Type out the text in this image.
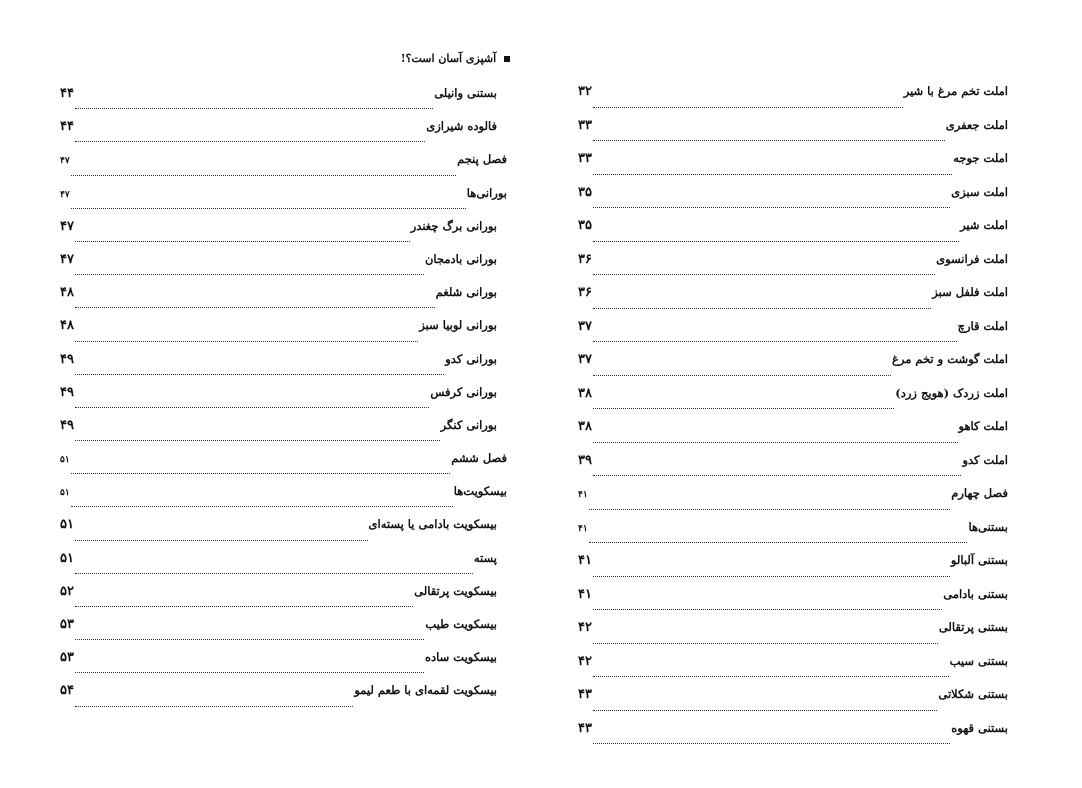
آشپزی آسان است؟!
املت تخم مرغ با شیر
۳۲
املت جعفری
۳۳
املت جوجه
۳۳
املت سبزی
۳۵
املت شیر
۳۵
املت فرانسوی
۳۶
املت فلفل سبز
۳۶
املت قارچ
۳۷
املت گوشت و تخم مرغ
۳۷
املت زردک (هویج زرد)
۳۸
املت کاهو
۳۸
املت کدو
۳۹
فصل چهارم
۴۱
بستنی‌ها
۴۱
بستنی آلبالو
۴۱
بستنی بادامی
۴۱
بستنی پرتقالی
۴۲
بستنی سیب
۴۲
بستنی شکلاتی
۴۳
بستنی قهوه
۴۳
بستنی وانیلی
۴۴
فالوده شیرازی
۴۴
فصل پنجم
۴۷
بورانی‌ها
۴۷
بورانی برگ چغندر
۴۷
بورانی بادمجان
۴۷
بورانی شلغم
۴۸
بورانی لوبیا سبز
۴۸
بورانی کدو
۴۹
بورانی کرفس
۴۹
بورانی کنگر
۴۹
فصل ششم
۵۱
بیسکویت‌ها
۵۱
بیسکویت بادامی یا پسته‌ای
۵۱
پسته
۵۱
بیسکویت پرتقالی
۵۲
بیسکویت طیب
۵۳
بیسکویت ساده
۵۳
بیسکویت لقمه‌ای با طعم لیمو
۵۴
